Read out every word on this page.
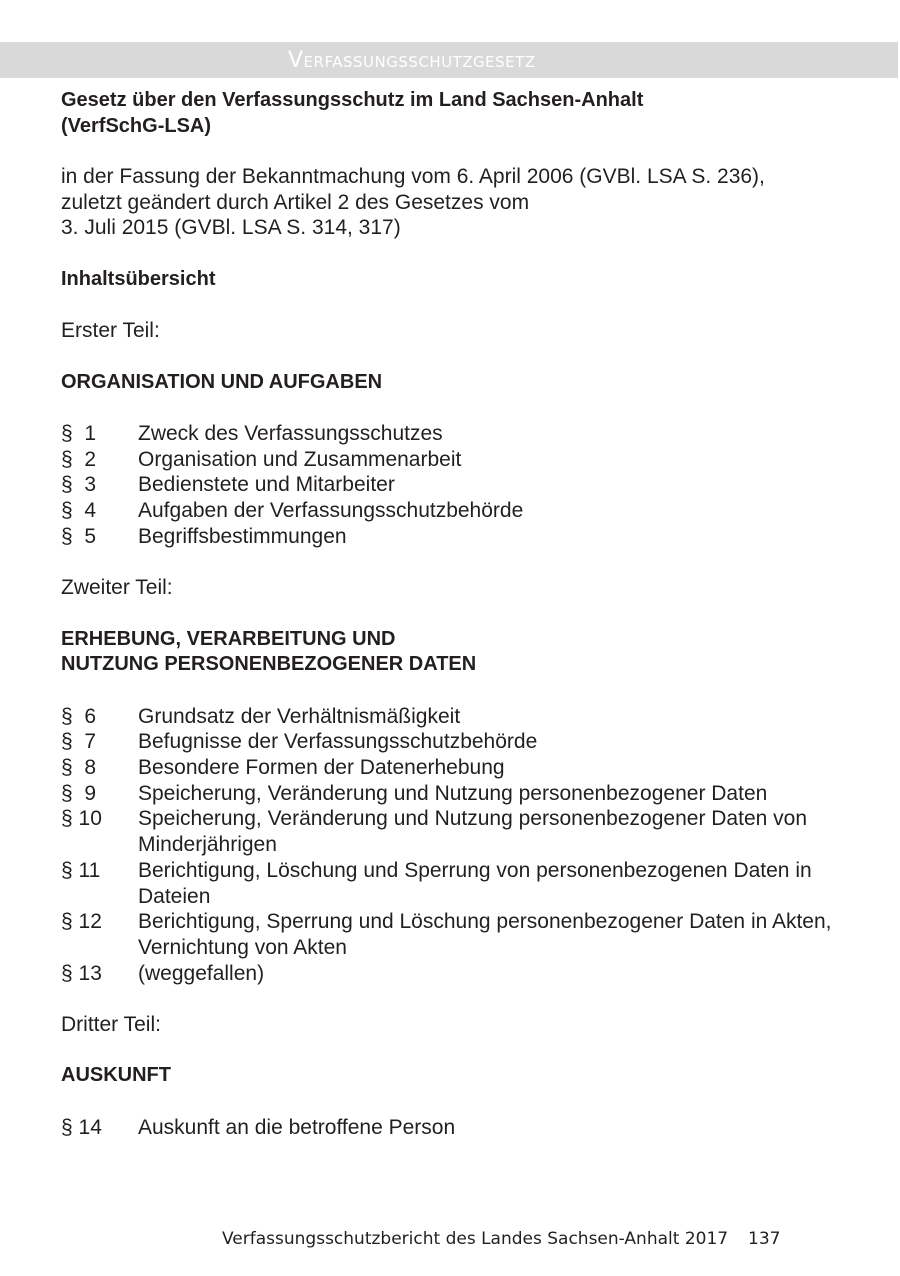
Verfassungsschutzgesetz

Gesetz über den Verfassungsschutz im Land Sachsen-Anhalt
(VerfSchG-LSA)

in der Fassung der Bekanntmachung vom 6. April 2006 (GVBl. LSA S. 236),
zuletzt geändert durch Artikel 2 des Gesetzes vom
3. Juli 2015 (GVBl. LSA S. 314, 317)

Inhaltsübersicht

Erster Teil:

ORGANISATION UND AUFGABEN

§  1 Zweck des Verfassungsschutzes
§  2 Organisation und Zusammenarbeit
§  3 Bedienstete und Mitarbeiter
§  4 Aufgaben der Verfassungsschutzbehörde
§  5 Begriffsbestimmungen

Zweiter Teil:

ERHEBUNG, VERARBEITUNG UND
NUTZUNG PERSONENBEZOGENER DATEN

§  6 Grundsatz der Verhältnismäßigkeit
§  7 Befugnisse der Verfassungsschutzbehörde
§  8 Besondere Formen der Datenerhebung
§  9 Speicherung, Veränderung und Nutzung personenbezogener Daten
§ 10 Speicherung, Veränderung und Nutzung personenbezogener Daten von Minderjährigen
§ 11 Berichtigung, Löschung und Sperrung von personenbezogenen Daten in Dateien
§ 12 Berichtigung, Sperrung und Löschung personenbezogener Daten in Akten, Vernichtung von Akten
§ 13 (weggefallen)

Dritter Teil:

AUSKUNFT

§ 14 Auskunft an die betroffene Person
Verfassungsschutzbericht des Landes Sachsen-Anhalt 2017 137
